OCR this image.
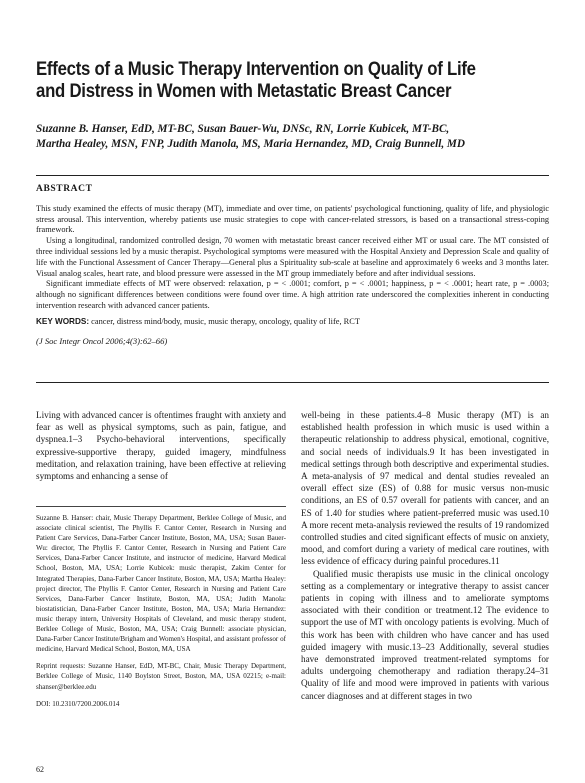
Effects of a Music Therapy Intervention on Quality of Life
and Distress in Women with Metastatic Breast Cancer
Suzanne B. Hanser, EdD, MT-BC, Susan Bauer-Wu, DNSc, RN, Lorrie Kubicek, MT-BC,
Martha Healey, MSN, FNP, Judith Manola, MS, Maria Hernandez, MD, Craig Bunnell, MD
ABSTRACT

This study examined the effects of music therapy (MT), immediate and over time, on patients' psychological functioning, quality of life, and physiologic stress arousal. This intervention, whereby patients use music strategies to cope with cancer-related stressors, is based on a transactional stress-coping framework.

Using a longitudinal, randomized controlled design, 70 women with metastatic breast cancer received either MT or usual care. The MT consisted of three individual sessions led by a music therapist. Psychological symptoms were measured with the Hospital Anxiety and Depression Scale and quality of life with the Functional Assessment of Cancer Therapy—General plus a Spirituality sub-scale at baseline and approximately 6 weeks and 3 months later. Visual analog scales, heart rate, and blood pressure were assessed in the MT group immediately before and after individual sessions.

Significant immediate effects of MT were observed: relaxation, p = < .0001; comfort, p = < .0001; happiness, p = < .0001; heart rate, p = .0003; although no significant differences between conditions were found over time. A high attrition rate underscored the complexities inherent in conducting intervention research with advanced cancer patients.

KEY WORDS: cancer, distress mind/body, music, music therapy, oncology, quality of life, RCT

(J Soc Integr Oncol 2006;4(3):62–66)

Living with advanced cancer is oftentimes fraught with anxiety and fear as well as physical symptoms, such as pain, fatigue, and dyspnea.1–3 Psycho-behavioral interventions, specifically expressive-supportive therapy, guided imagery, mindfulness meditation, and relaxation training, have been effective at relieving symptoms and enhancing a sense of

Suzanne B. Hanser: chair, Music Therapy Department, Berklee College of Music, and associate clinical scientist, The Phyllis F. Cantor Center, Research in Nursing and Patient Care Services, Dana-Farber Cancer Institute, Boston, MA, USA; Susan Bauer-Wu: director, The Phyllis F. Cantor Center, Research in Nursing and Patient Care Services, Dana-Farber Cancer Institute, and instructor of medicine, Harvard Medical School, Boston, MA, USA; Lorrie Kubicek: music therapist, Zakim Center for Integrated Therapies, Dana-Farber Cancer Institute, Boston, MA, USA; Martha Healey: project director, The Phyllis F. Cantor Center, Research in Nursing and Patient Care Services, Dana-Farber Cancer Institute, Boston, MA, USA; Judith Manola: biostatistician, Dana-Farber Cancer Institute, Boston, MA, USA; Maria Hernandez: music therapy intern, University Hospitals of Cleveland, and music therapy student, Berklee College of Music, Boston, MA, USA; Craig Bunnell: associate physician, Dana-Farber Cancer Institute/Brigham and Women's Hospital, and assistant professor of medicine, Harvard Medical School, Boston, MA, USA

Reprint requests: Suzanne Hanser, EdD, MT-BC, Chair, Music Therapy Department, Berklee College of Music, 1140 Boylston Street, Boston, MA, USA 02215; e-mail: shanser@berklee.edu

DOI: 10.2310/7200.2006.014

well-being in these patients.4–8 Music therapy (MT) is an established health profession in which music is used within a therapeutic relationship to address physical, emotional, cognitive, and social needs of individuals.9 It has been investigated in medical settings through both descriptive and experimental studies. A meta-analysis of 97 medical and dental studies revealed an overall effect size (ES) of 0.88 for music versus non-music conditions, an ES of 0.57 overall for patients with cancer, and an ES of 1.40 for studies where patient-preferred music was used.10 A more recent meta-analysis reviewed the results of 19 randomized controlled studies and cited significant effects of music on anxiety, mood, and comfort during a variety of medical care routines, with less evidence of efficacy during painful procedures.11

Qualified music therapists use music in the clinical oncology setting as a complementary or integrative therapy to assist cancer patients in coping with illness and to ameliorate symptoms associated with their condition or treatment.12 The evidence to support the use of MT with oncology patients is evolving. Much of this work has been with children who have cancer and has used guided imagery with music.13–23 Additionally, several studies have demonstrated improved treatment-related symptoms for adults undergoing chemotherapy and radiation therapy.24–31 Quality of life and mood were improved in patients with various cancer diagnoses and at different stages in two

62
